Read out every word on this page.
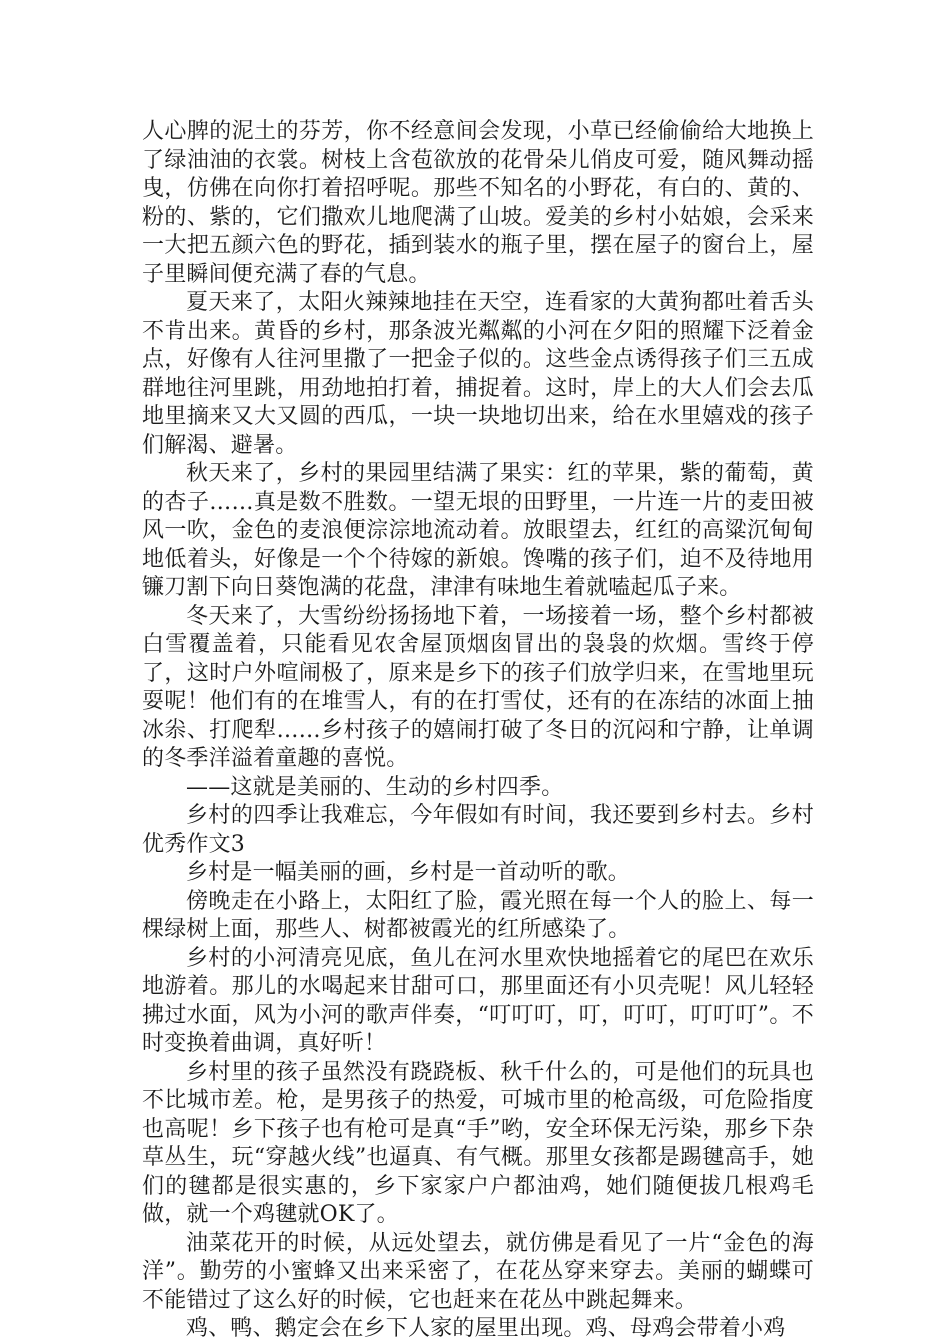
人心脾的泥土的芬芳，你不经意间会发现，小草已经偷偷给大地换上了绿油油的衣裳。树枝上含苞欲放的花骨朵儿俏皮可爱，随风舞动摇曳，仿佛在向你打着招呼呢。那些不知名的小野花，有白的、黄的、粉的、紫的，它们撒欢儿地爬满了山坡。爱美的乡村小姑娘，会采来一大把五颜六色的野花，插到装水的瓶子里，摆在屋子的窗台上，屋子里瞬间便充满了春的气息。

夏天来了，太阳火辣辣地挂在天空，连看家的大黄狗都吐着舌头不肯出来。黄昏的乡村，那条波光粼粼的小河在夕阳的照耀下泛着金点，好像有人往河里撒了一把金子似的。这些金点诱得孩子们三五成群地往河里跳，用劲地拍打着，捕捉着。这时，岸上的大人们会去瓜地里摘来又大又圆的西瓜，一块一块地切出来，给在水里嬉戏的孩子们解渴、避暑。

秋天来了，乡村的果园里结满了果实：红的苹果，紫的葡萄，黄的杏子……真是数不胜数。一望无垠的田野里，一片连一片的麦田被风一吹，金色的麦浪便淙淙地流动着。放眼望去，红红的高粱沉甸甸地低着头，好像是一个个待嫁的新娘。馋嘴的孩子们，迫不及待地用镰刀割下向日葵饱满的花盘，津津有味地生着就嗑起瓜子来。

冬天来了，大雪纷纷扬扬地下着，一场接着一场，整个乡村都被白雪覆盖着，只能看见农舍屋顶烟囱冒出的袅袅的炊烟。雪终于停了，这时户外喧闹极了，原来是乡下的孩子们放学归来，在雪地里玩耍呢！他们有的在堆雪人，有的在打雪仗，还有的在冻结的冰面上抽冰尜、打爬犁……乡村孩子的嬉闹打破了冬日的沉闷和宁静，让单调的冬季洋溢着童趣的喜悦。

——这就是美丽的、生动的乡村四季。

乡村的四季让我难忘，今年假如有时间，我还要到乡村去。乡村优秀作文3

乡村是一幅美丽的画，乡村是一首动听的歌。

傍晚走在小路上，太阳红了脸，霞光照在每一个人的脸上、每一棵绿树上面，那些人、树都被霞光的红所感染了。

乡村的小河清亮见底，鱼儿在河水里欢快地摇着它的尾巴在欢乐地游着。那儿的水喝起来甘甜可口，那里面还有小贝壳呢！风儿轻轻拂过水面，风为小河的歌声伴奏，“叮叮叮，叮，叮叮，叮叮叮”。不时变换着曲调，真好听！

乡村里的孩子虽然没有跷跷板、秋千什么的，可是他们的玩具也不比城市差。枪，是男孩子的热爱，可城市里的枪高级，可危险指度也高呢！乡下孩子也有枪可是真“手”哟，安全环保无污染，那乡下杂草丛生，玩“穿越火线”也逼真、有气概。那里女孩都是踢毽高手，她们的毽都是很实惠的，乡下家家户户都油鸡，她们随便拔几根鸡毛做，就一个鸡毽就OK了。

油菜花开的时候，从远处望去，就仿佛是看见了一片“金色的海洋”。勤劳的小蜜蜂又出来采密了，在花丛穿来穿去。美丽的蝴蝶可不能错过了这么好的时候，它也赶来在花丛中跳起舞来。

鸡、鸭、鹅定会在乡下人家的屋里出现。鸡、母鸡会带着小鸡
